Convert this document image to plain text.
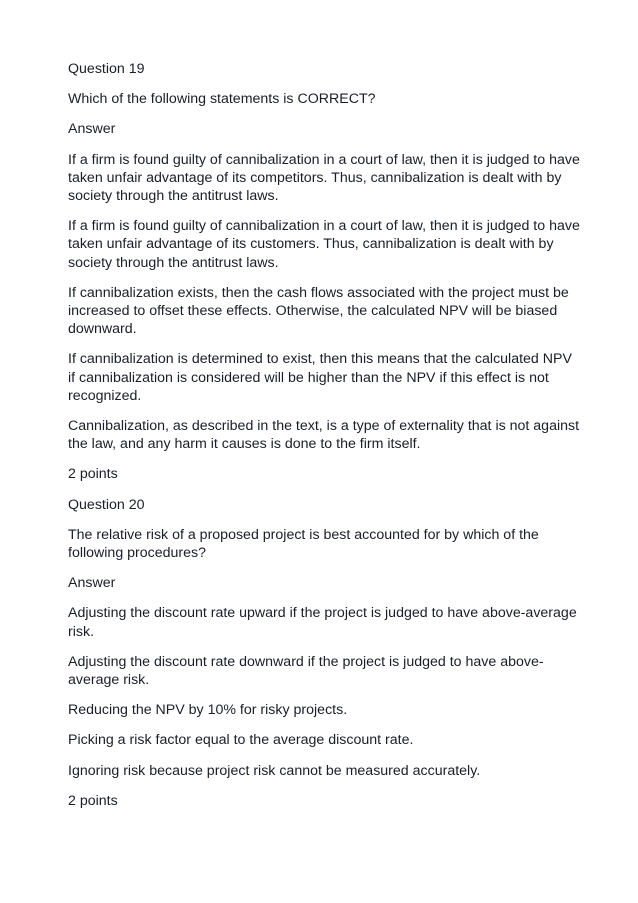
Question 19

Which of the following statements is CORRECT?

Answer

If a firm is found guilty of cannibalization in a court of law, then it is judged to have
taken unfair advantage of its competitors. Thus, cannibalization is dealt with by
society through the antitrust laws.
If a firm is found guilty of cannibalization in a court of law, then it is judged to have
taken unfair advantage of its customers. Thus, cannibalization is dealt with by
society through the antitrust laws.
If cannibalization exists, then the cash flows associated with the project must be
increased to offset these effects. Otherwise, the calculated NPV will be biased
downward.
If cannibalization is determined to exist, then this means that the calculated NPV
if cannibalization is considered will be higher than the NPV if this effect is not
recognized.
Cannibalization, as described in the text, is a type of externality that is not against
the law, and any harm it causes is done to the firm itself.

2 points

Question 20

The relative risk of a proposed project is best accounted for by which of the
following procedures?

Answer

Adjusting the discount rate upward if the project is judged to have above-average
risk.
Adjusting the discount rate downward if the project is judged to have above-
average risk.
Reducing the NPV by 10% for risky projects.
Picking a risk factor equal to the average discount rate.
Ignoring risk because project risk cannot be measured accurately.

2 points
